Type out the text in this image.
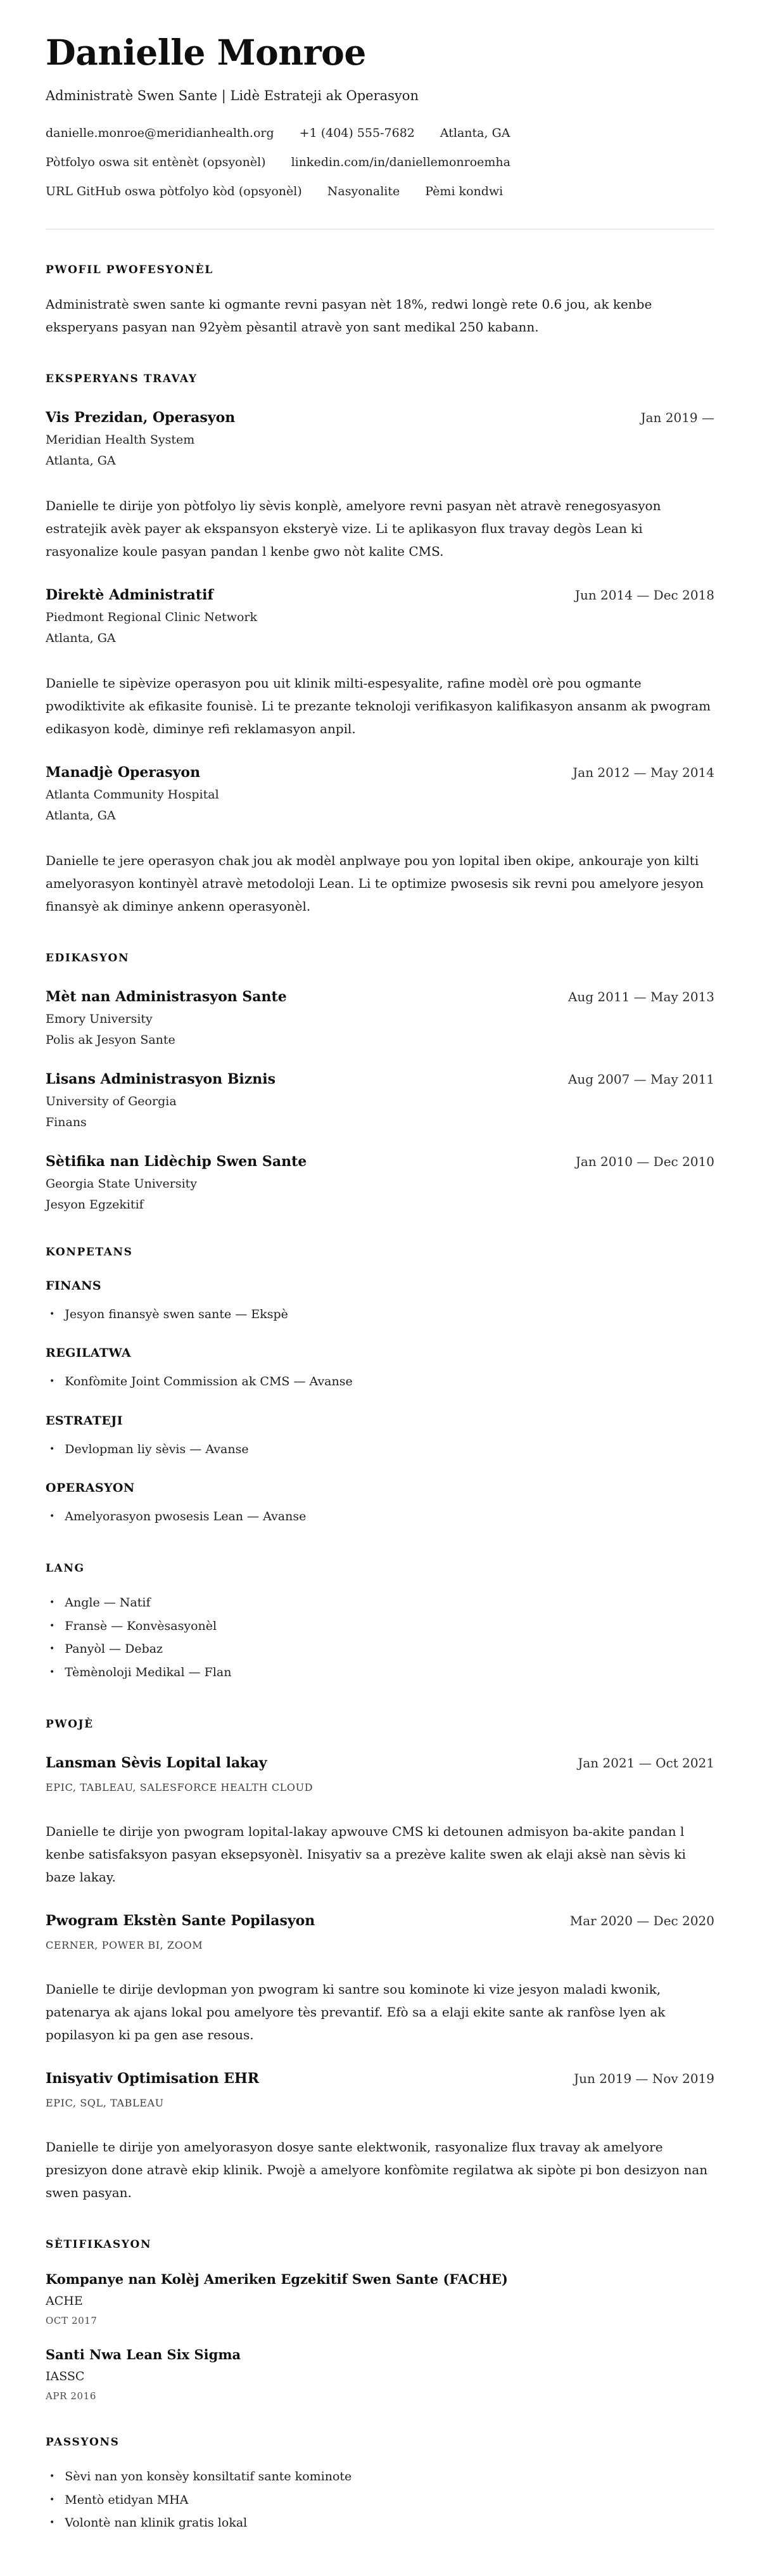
Danielle Monroe
Administratè Swen Sante | Lidè Estrateji ak Operasyon
danielle.monroe@meridianhealth.org +1 (404) 555-7682 Atlanta, GA
Pòtfolyo oswa sit entènèt (opsyonèl) linkedin.com/in/daniellemonroemha
URL GitHub oswa pòtfolyo kòd (opsyonèl) Nasyonalite Pèmi kondwi
PWOFIL PWOFESYONÈL

Administratè swen sante ki ogmante revni pasyan nèt 18%, redwi longè rete 0.6 jou, ak kenbe eksperyans pasyan nan 92yèm pèsantil atravè yon sant medikal 250 kabann.

EKSPERYANS TRAVAY
Vis Prezidan, Operasyon	Jan 2019 —
Meridian Health System
Atlanta, GA

Danielle te dirije yon pòtfolyo liy sèvis konplè, amelyore revni pasyan nèt atravè renegosyasyon estratejik avèk payer ak ekspansyon eksteryè vize. Li te aplikasyon flux travay degòs Lean ki rasyonalize koule pasyan pandan l kenbe gwo nòt kalite CMS.

Direktè Administratif	Jun 2014 — Dec 2018
Piedmont Regional Clinic Network
Atlanta, GA

Danielle te sipèvize operasyon pou uit klinik milti-espesyalite, rafine modèl orè pou ogmante pwodiktivite ak efikasite founisè. Li te prezante teknoloji verifikasyon kalifikasyon ansanm ak pwogram edikasyon kodè, diminye refi reklamasyon anpil.

Manadjè Operasyon	Jan 2012 — May 2014
Atlanta Community Hospital
Atlanta, GA

Danielle te jere operasyon chak jou ak modèl anplwaye pou yon lopital iben okipe, ankouraje yon kilti amelyorasyon kontinyèl atravè metodoloji Lean. Li te optimize pwosesis sik revni pou amelyore jesyon finansyè ak diminye ankenn operasyonèl.

EDIKASYON
Mèt nan Administrasyon Sante	Aug 2011 — May 2013
Emory University
Polis ak Jesyon Sante
Lisans Administrasyon Biznis	Aug 2007 — May 2011
University of Georgia
Finans
Sètifika nan Lidèchip Swen Sante	Jan 2010 — Dec 2010
Georgia State University
Jesyon Egzekitif
KONPETANS
FINANS
• Jesyon finansyè swen sante — Ekspè
REGILATWA
• Konfòmite Joint Commission ak CMS — Avanse
ESTRATEJI
• Devlopman liy sèvis — Avanse
OPERASYON
• Amelyorasyon pwosesis Lean — Avanse
LANG
• Angle — Natif
• Fransè — Konvèsasyonèl
• Panyòl — Debaz
• Tèmènoloji Medikal — Flan
PWOJÈ
Lansman Sèvis Lopital lakay	Jan 2021 — Oct 2021
EPIC, TABLEAU, SALESFORCE HEALTH CLOUD

Danielle te dirije yon pwogram lopital-lakay apwouve CMS ki detounen admisyon ba-akite pandan l kenbe satisfaksyon pasyan eksepsyonèl. Inisyativ sa a prezève kalite swen ak elaji aksè nan sèvis ki baze lakay.

Pwogram Ekstèn Sante Popilasyon	Mar 2020 — Dec 2020
CERNER, POWER BI, ZOOM

Danielle te dirije devlopman yon pwogram ki santre sou kominote ki vize jesyon maladi kwonik, patenarya ak ajans lokal pou amelyore tès prevantif. Efò sa a elaji ekite sante ak ranfòse lyen ak popilasyon ki pa gen ase resous.

Inisyativ Optimisation EHR	Jun 2019 — Nov 2019
EPIC, SQL, TABLEAU

Danielle te dirije yon amelyorasyon dosye sante elektwonik, rasyonalize flux travay ak amelyore presizyon done atravè ekip klinik. Pwojè a amelyore konfòmite regilatwa ak sipòte pi bon desizyon nan swen pasyan.

SÈTIFIKASYON
Kompanye nan Kolèj Ameriken Egzekitif Swen Sante (FACHE)
ACHE
OCT 2017
Santi Nwa Lean Six Sigma
IASSC
APR 2016
PASSYONS
• Sèvi nan yon konsèy konsiltatif sante kominote
• Mentò etidyan MHA
• Volontè nan klinik gratis lokal
